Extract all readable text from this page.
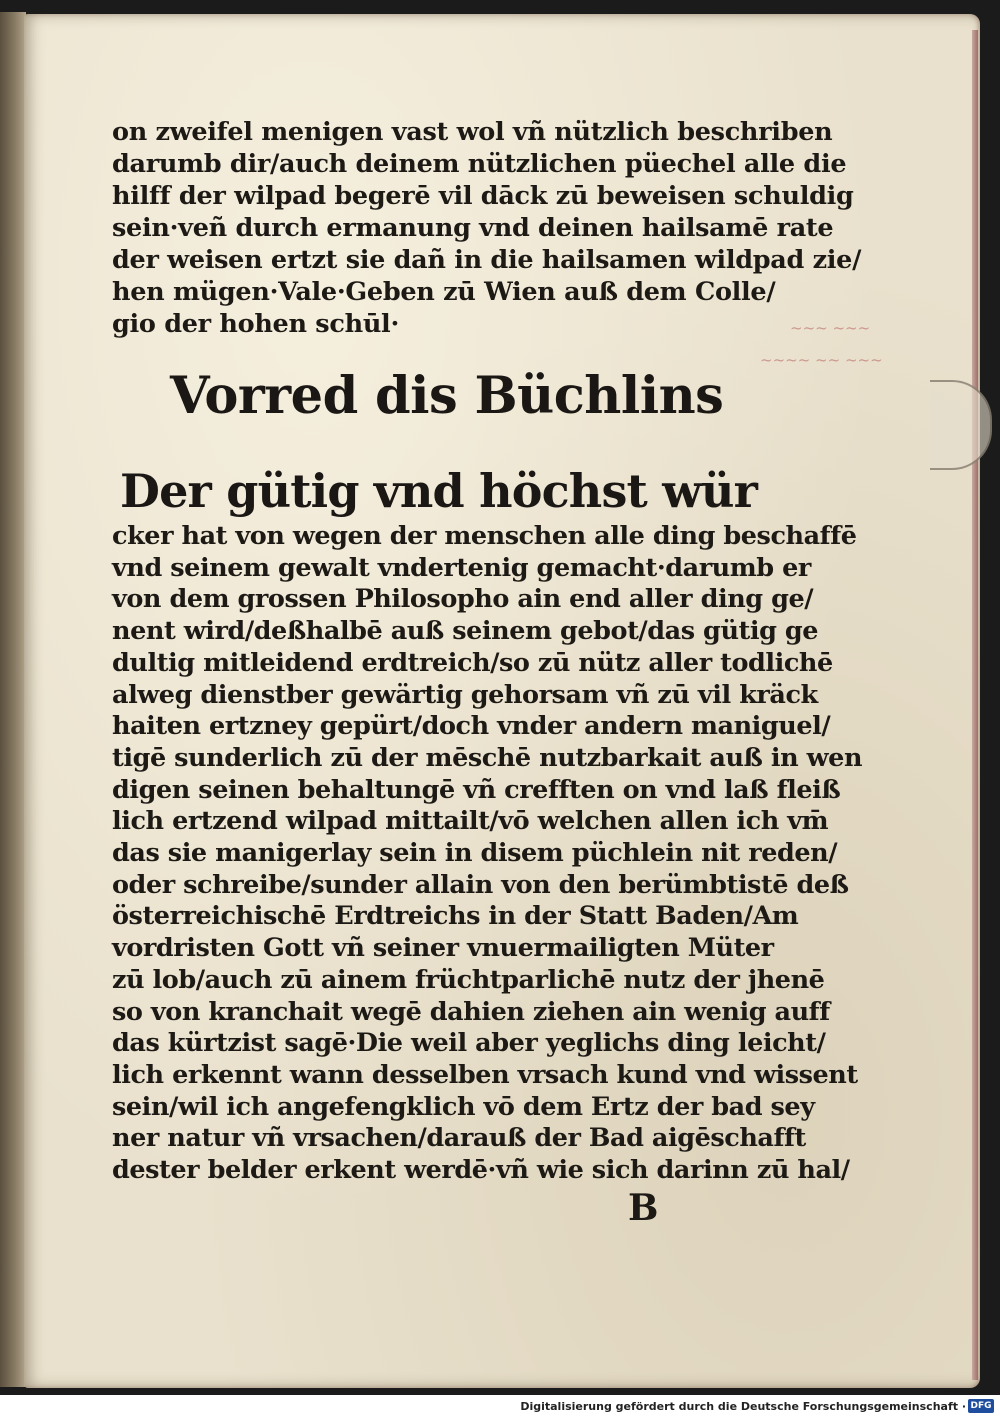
~~~ ~~~
~~~~ ~~ ~~~
on zweifel menigen vast wol vñ nützlich beschriben
darumb dir/auch deinem nützlichen püechel alle die
hilff der wilpad begerē vil dāck zū beweisen schuldig
sein·veñ durch ermanung vnd deinen hailsamē rate
der weisen ertzt sie dañ in die hailsamen wildpad zie/
hen mügen·Vale·Geben zū Wien auß dem Colle/
gio der hohen schūl·
Vorred dis Büchlins
Der gütig vnd höchst wür
cker hat von wegen der menschen alle ding beschaffē
vnd seinem gewalt vndertenig gemacht·darumb er
von dem grossen Philosopho ain end aller ding ge/
nent wird/deßhalbē auß seinem gebot/das gütig ge
dultig mitleidend erdtreich/so zū nütz aller todlichē
alweg dienstber gewärtig gehorsam vñ zū vil kräck
haiten ertzney gepürt/doch vnder andern maniguel/
tigē sunderlich zū der mēschē nutzbarkait auß in wen
digen seinen behaltungē vñ crefften on vnd laß fleiß
lich ertzend wilpad mittailt/vō welchen allen ich vm̄
das sie manigerlay sein in disem püchlein nit reden/
oder schreibe/sunder allain von den berümbtistē deß
österreichischē Erdtreichs in der Statt Baden/Am
vordristen Gott vñ seiner vnuermailigten Müter
zū lob/auch zū ainem früchtparlichē nutz der jhenē
so von kranchait wegē dahien ziehen ain wenig auff
das kürtzist sagē·Die weil aber yeglichs ding leicht/
lich erkennt wann desselben vrsach kund vnd wissent
sein/wil ich angefengklich vō dem Ertz der bad sey
ner natur vñ vrsachen/darauß der Bad aigēschafft
dester belder erkent werdē·vñ wie sich darinn zū hal/
B
Digitalisierung gefördert durch die Deutsche Forschungsgemeinschaft · DFG
